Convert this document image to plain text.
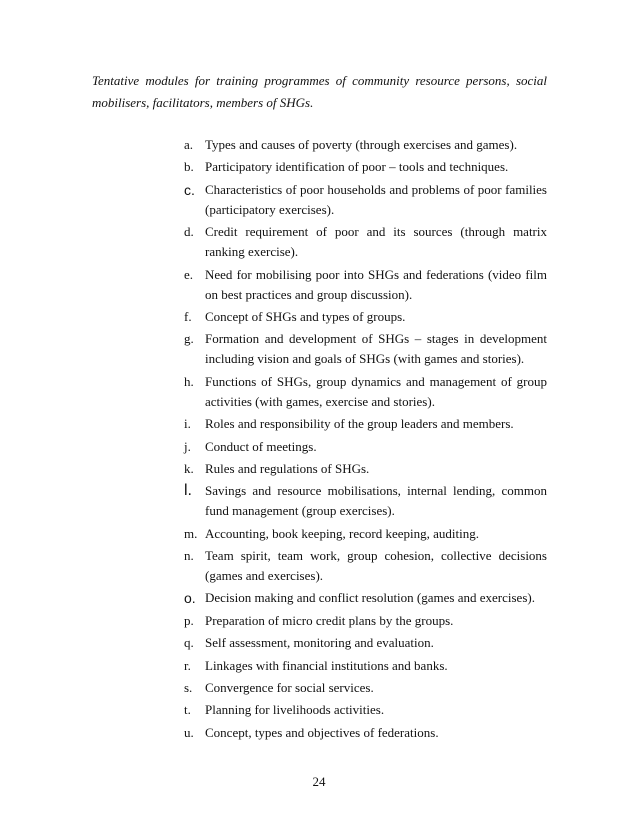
Tentative modules for training programmes of community resource persons, social mobilisers, facilitators, members of SHGs.

a. Types and causes of poverty (through exercises and games).
b. Participatory identification of poor – tools and techniques.
c. Characteristics of poor households and problems of poor families (participatory exercises).
d. Credit requirement of poor and its sources (through matrix ranking exercise).
e. Need for mobilising poor into SHGs and federations (video film on best practices and group discussion).
f.	Concept of SHGs and types of groups.
g. Formation and development of SHGs – stages in development including vision and goals of SHGs (with games and stories).
h. Functions of SHGs, group dynamics and management of group activities (with games, exercise and stories).
i.	Roles and responsibility of the group leaders and members.
j.	Conduct of meetings.
k. Rules and regulations of SHGs.
l.	Savings and resource mobilisations, internal lending, common fund management (group exercises).
m. Accounting, book keeping, record keeping, auditing.
n. Team spirit, team work, group cohesion, collective decisions (games and exercises).
o. Decision making and conflict resolution (games and exercises).
p. Preparation of micro credit plans by the groups.
q. Self assessment, monitoring and evaluation.
r.	Linkages with financial institutions and banks.
s. Convergence for social services.
t.	Planning for livelihoods activities.
u. Concept, types and objectives of federations.

24
